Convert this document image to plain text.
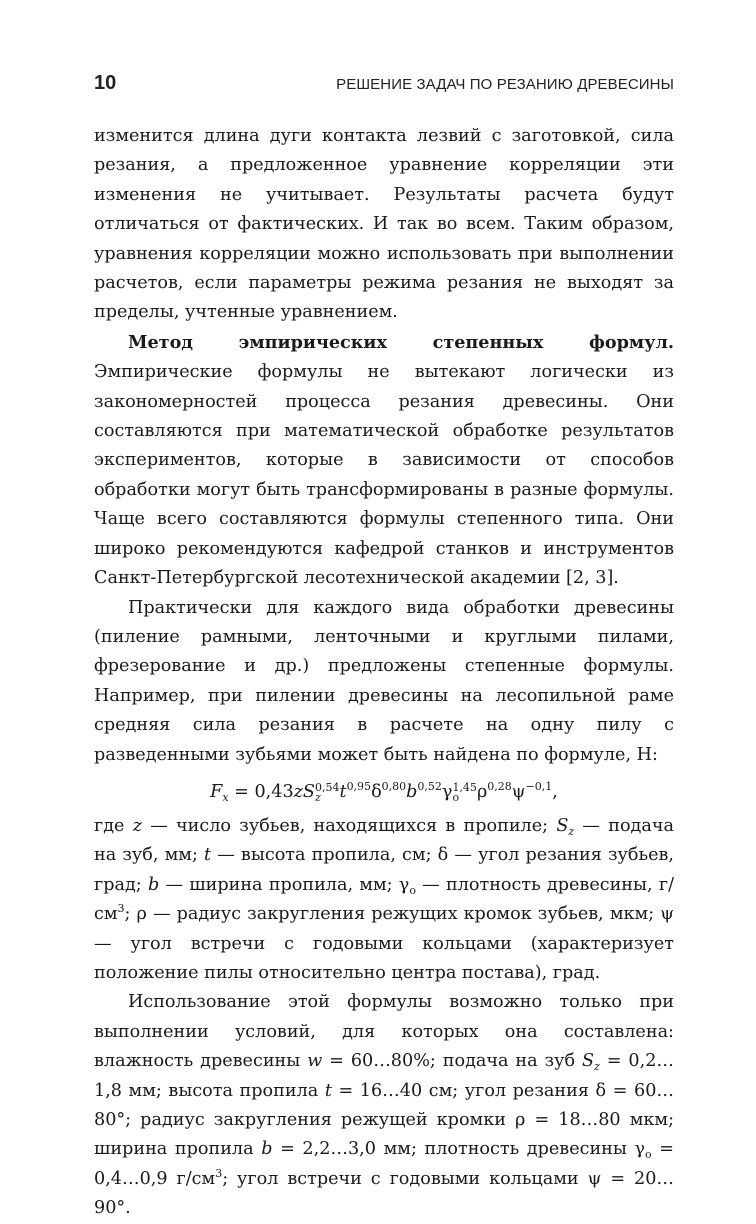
10	РЕШЕНИЕ ЗАДАЧ ПО РЕЗАНИЮ ДРЕВЕСИНЫ

изменится длина дуги контакта лезвий с заготовкой, сила резания, а предложенное уравнение корреляции эти изменения не учитывает. Результаты расчета будут отличаться от фактических. И так во всем. Таким образом, уравнения корреляции можно использовать при выполнении расчетов, если параметры режима резания не выходят за пределы, учтенные уравнением.

Метод эмпирических степенных формул. Эмпирические формулы не вытекают логически из закономерностей процесса резания древесины. Они составляются при математической обработке результатов экспериментов, которые в зависимости от способов обработки могут быть трансформированы в разные формулы. Чаще всего составляются формулы степенного типа. Они широко рекомендуются кафедрой станков и инструментов Санкт-Петербургской лесотехнической академии [2, 3].

Практически для каждого вида обработки древесины (пиление рамными, ленточными и круглыми пилами, фрезерование и др.) предложены степенные формулы. Например, при пилении древесины на лесопильной раме средняя сила резания в расчете на одну пилу с разведенными зубьями может быть найдена по формуле, Н:

$F_x = 0,43zS$ 0,54
z	$t^{0,95}\delta^{0,80}b^{0,52}\gamma$ 1,45
o	$\rho^{0,28}\psi^{-0,1}$,

где z — число зубьев, находящихся в пропиле; $S_z$ — подача на зуб, мм; t — высота пропила, см; δ — угол резания зубьев, град; b — ширина пропила, мм; $\gamma_о$ — плотность древесины, $г/см^3$; ρ — радиус закругления режущих кромок зубьев, мкм; ψ — угол встречи с годовыми кольцами (характеризует положение пилы относительно центра постава), град.

Использование этой формулы возможно только при выполнении условий, для которых она составлена: влажность древесины w = 60…80%; подача на зуб $S_z$ = 0,2…1,8 мм; высота пропила t = 16…40 см; угол резания δ = 60…80°; радиус закругления режущей кромки ρ = 18…80 мкм; ширина пропила b = 2,2…3,0 мм; плотность древесины $\gamma_о$ = 0,4…0,9 $г/см^3$; угол встречи с годовыми кольцами ψ = 20…90°.
